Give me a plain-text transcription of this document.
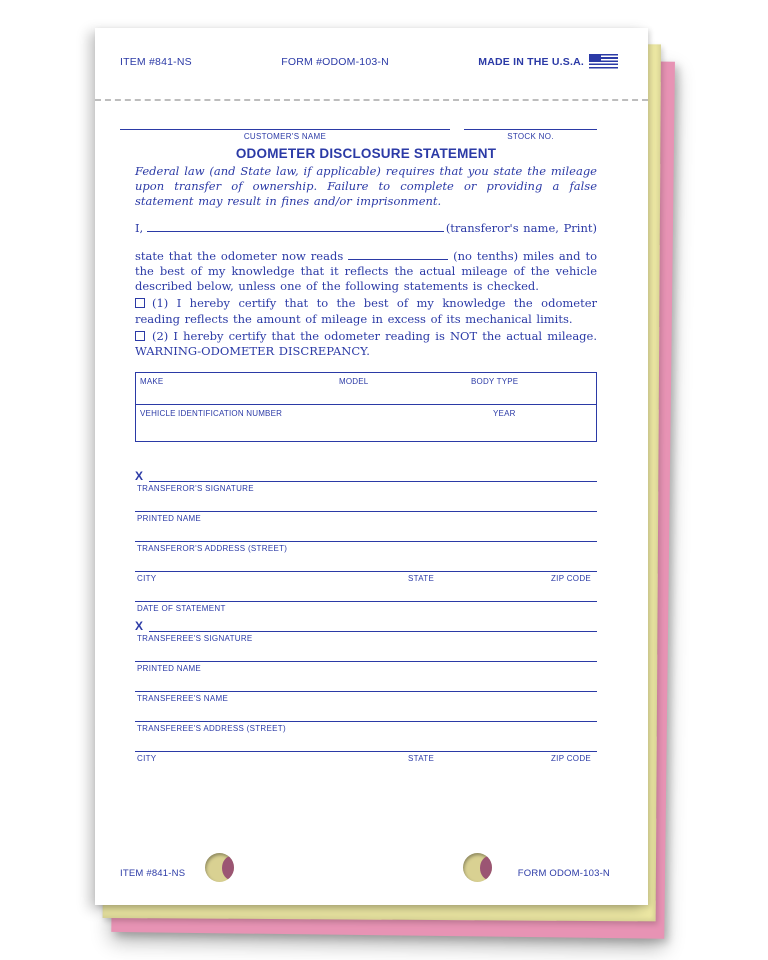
ITEM #841-NS	FORM #ODOM-103-N	MADE IN THE U.S.A.
CUSTOMER'S NAME	STOCK NO.
ODOMETER DISCLOSURE STATEMENT

Federal law (and State law, if applicable) requires that you state the mileage upon transfer of ownership. Failure to complete or providing a false statement may result in fines and/or imprisonment.

I,	(transferor's name, Print)

state that the odometer now reads	(no tenths) miles and to the best of my knowledge that it reflects the actual mileage of the vehicle described below, unless one of the following statements is checked.

(1) I hereby certify that to the best of my knowledge the odometer reading reflects the amount of mileage in excess of its mechanical limits.

(2) I hereby certify that the odometer reading is NOT the actual mileage. WARNING-ODOMETER DISCREPANCY.

MAKE	MODEL	BODY TYPE
VEHICLE IDENTIFICATION NUMBER	YEAR
X
TRANSFEROR'S SIGNATURE
PRINTED NAME
TRANSFEROR'S ADDRESS (STREET)
CITY	STATE	ZIP CODE
DATE OF STATEMENT
X
TRANSFEREE'S SIGNATURE
PRINTED NAME
TRANSFEREE'S NAME
TRANSFEREE'S ADDRESS (STREET)
CITY	STATE	ZIP CODE
ITEM #841-NS	FORM ODOM-103-N
